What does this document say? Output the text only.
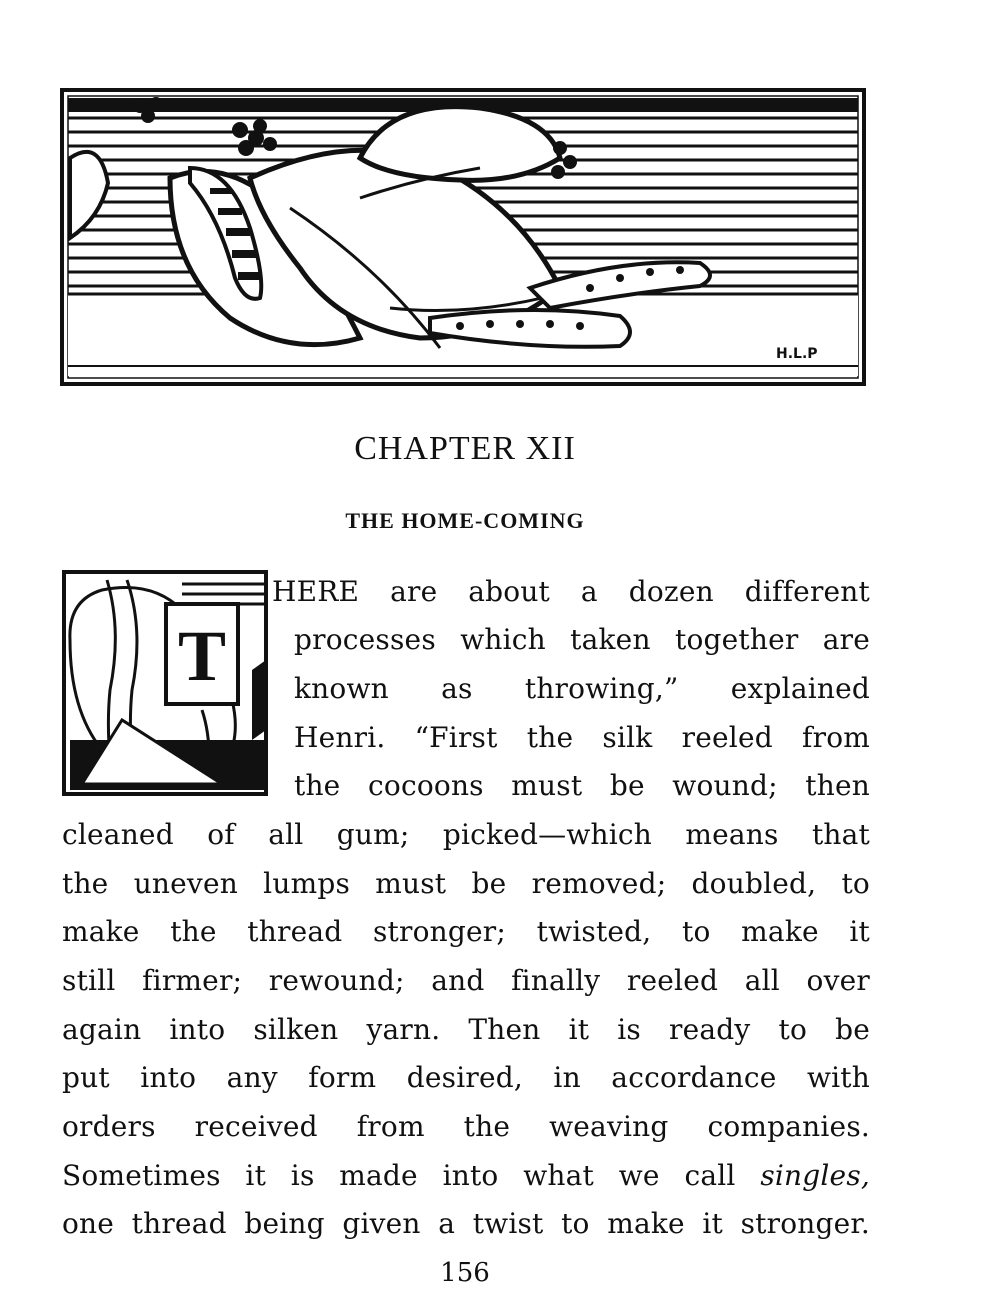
H.L.P
CHAPTER XII
THE HOME-COMING
T
HERE are about a dozen different
processes which taken together are
known as throwing,” explained
Henri. “First the silk reeled from
the cocoons must be wound; then
cleaned of all gum; picked—which means that
the uneven lumps must be removed; doubled, to
make the thread stronger; twisted, to make it
still firmer; rewound; and finally reeled all over
again into silken yarn. Then it is ready to be
put into any form desired, in accordance with
orders received from the weaving companies.
Sometimes it is made into what we call singles,
one thread being given a twist to make it stronger.
156
